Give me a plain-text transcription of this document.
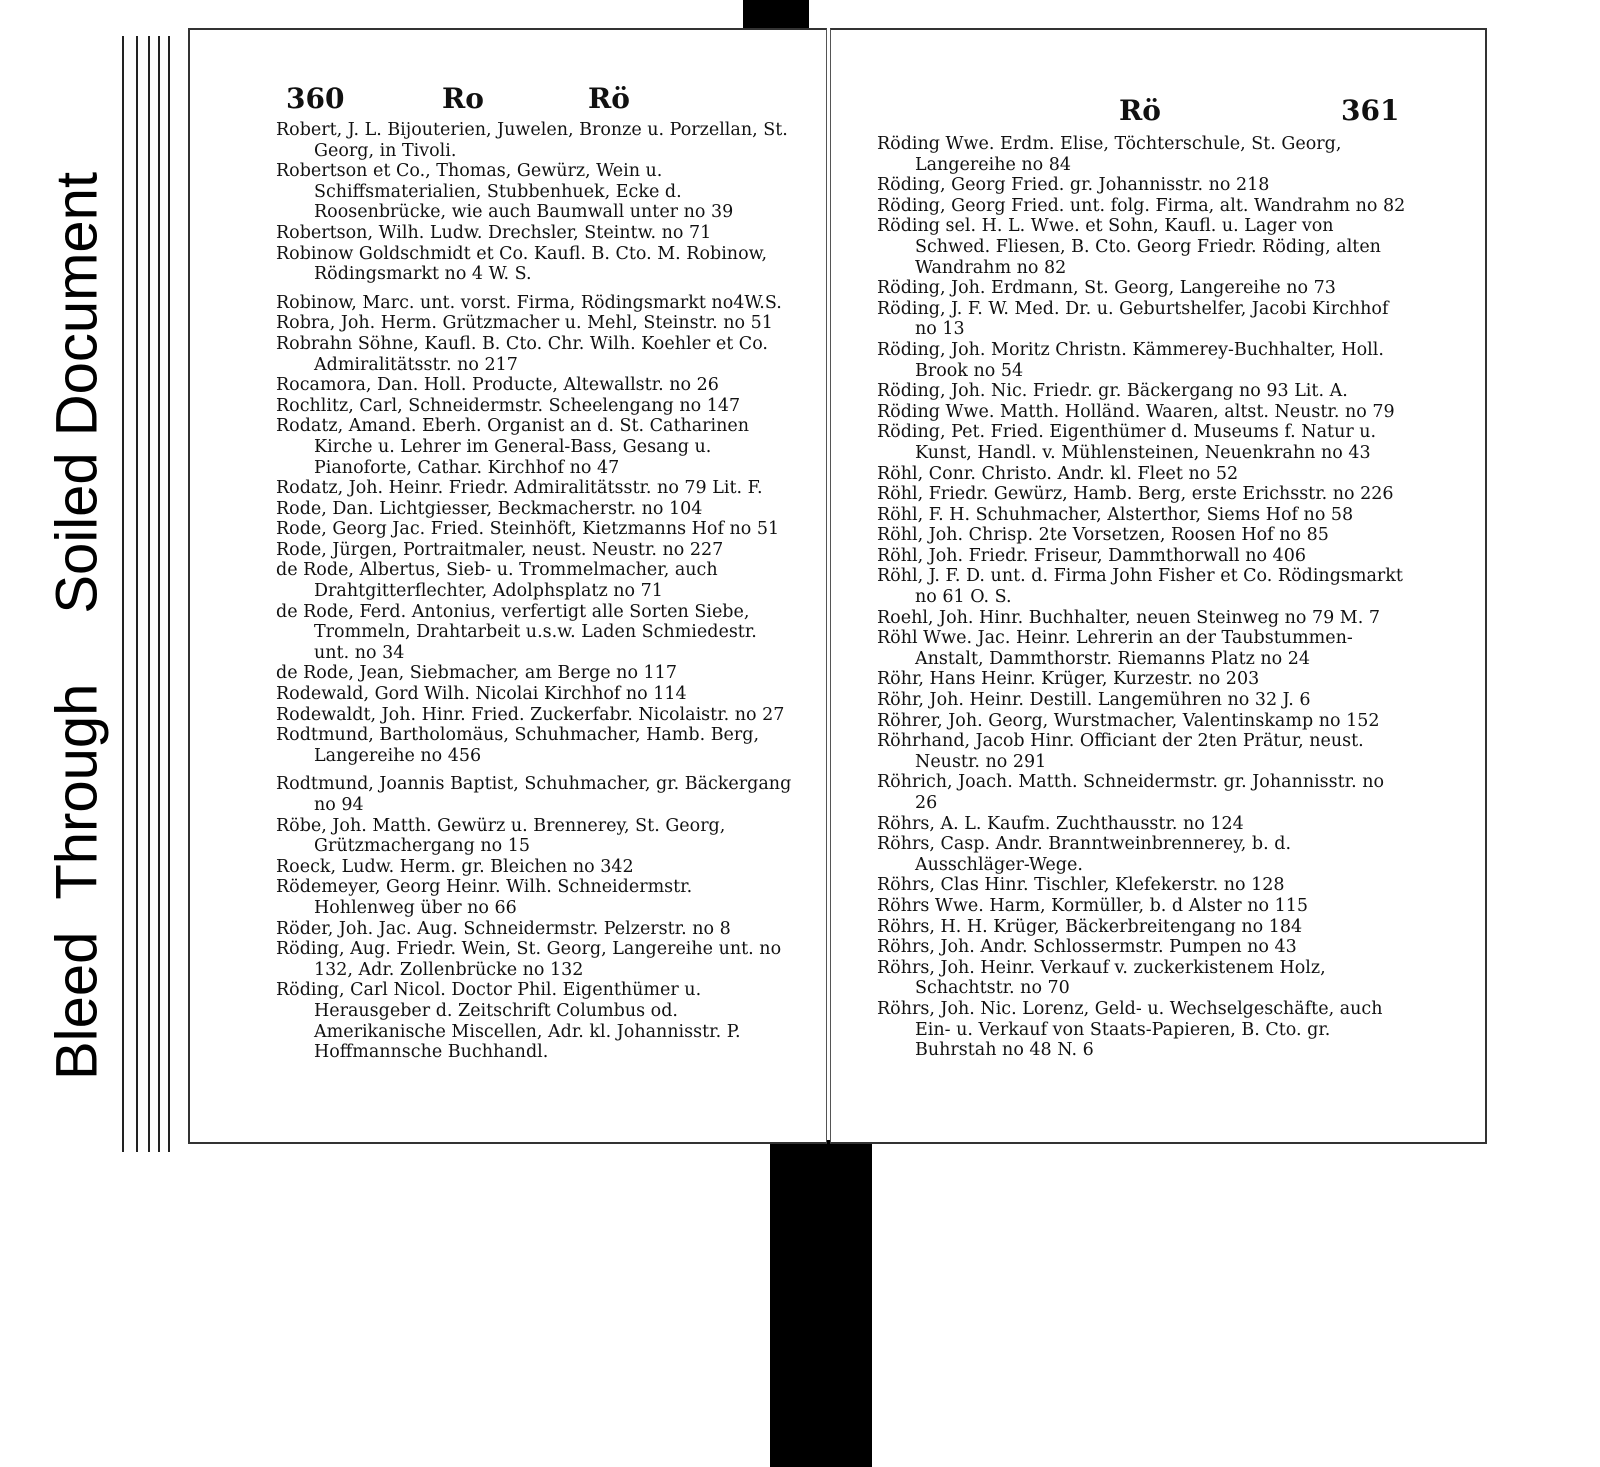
BleedThroughSoiled Document
360	Ro	Rö
Robert, J. L. Bijouterien, Juwelen, Bronze u. Porzellan, St. Georg, in Tivoli.
Robertson et Co., Thomas, Gewürz, Wein u. Schiffsmaterialien, Stubbenhuek, Ecke d. Roosenbrücke, wie auch Baumwall unter no 39
Robertson, Wilh. Ludw. Drechsler, Steintw. no 71
Robinow Goldschmidt et Co. Kaufl. B. Cto. M. Robinow, Rödingsmarkt no 4 W. S.
Robinow, Marc. unt. vorst. Firma, Rödingsmarkt no4W.S.
Robra, Joh. Herm. Grützmacher u. Mehl, Steinstr. no 51
Robrahn Söhne, Kaufl. B. Cto. Chr. Wilh. Koehler et Co. Admiralitätsstr. no 217
Rocamora, Dan. Holl. Producte, Altewallstr. no 26
Rochlitz, Carl, Schneidermstr. Scheelengang no 147
Rodatz, Amand. Eberh. Organist an d. St. Catharinen Kirche u. Lehrer im General-Bass, Gesang u. Pianoforte, Cathar. Kirchhof no 47
Rodatz, Joh. Heinr. Friedr. Admiralitätsstr. no 79 Lit. F.
Rode, Dan. Lichtgiesser, Beckmacherstr. no 104
Rode, Georg Jac. Fried. Steinhöft, Kietzmanns Hof no 51
Rode, Jürgen, Portraitmaler, neust. Neustr. no 227
de Rode, Albertus, Sieb- u. Trommelmacher, auch Drahtgitterflechter, Adolphsplatz no 71
de Rode, Ferd. Antonius, verfertigt alle Sorten Siebe, Trommeln, Drahtarbeit u.s.w. Laden Schmiedestr. unt. no 34
de Rode, Jean, Siebmacher, am Berge no 117
Rodewald, Gord Wilh. Nicolai Kirchhof no 114
Rodewaldt, Joh. Hinr. Fried. Zuckerfabr. Nicolaistr. no 27
Rodtmund, Bartholomäus, Schuhmacher, Hamb. Berg, Langereihe no 456
Rodtmund, Joannis Baptist, Schuhmacher, gr. Bäckergang no 94
Röbe, Joh. Matth. Gewürz u. Brennerey, St. Georg, Grützmachergang no 15
Roeck, Ludw. Herm. gr. Bleichen no 342
Rödemeyer, Georg Heinr. Wilh. Schneidermstr. Hohlenweg über no 66
Röder, Joh. Jac. Aug. Schneidermstr. Pelzerstr. no 8
Röding, Aug. Friedr. Wein, St. Georg, Langereihe unt. no 132, Adr. Zollenbrücke no 132
Röding, Carl Nicol. Doctor Phil. Eigenthümer u. Herausgeber d. Zeitschrift Columbus od. Amerikanische Miscellen, Adr. kl. Johannisstr. P. Hoffmannsche Buchhandl.
Rö	361
Röding Wwe. Erdm. Elise, Töchterschule, St. Georg, Langereihe no 84
Röding, Georg Fried. gr. Johannisstr. no 218
Röding, Georg Fried. unt. folg. Firma, alt. Wandrahm no 82
Röding sel. H. L. Wwe. et Sohn, Kaufl. u. Lager von Schwed. Fliesen, B. Cto. Georg Friedr. Röding, alten Wandrahm no 82
Röding, Joh. Erdmann, St. Georg, Langereihe no 73
Röding, J. F. W. Med. Dr. u. Geburtshelfer, Jacobi Kirchhof no 13
Röding, Joh. Moritz Christn. Kämmerey-Buchhalter, Holl. Brook no 54
Röding, Joh. Nic. Friedr. gr. Bäckergang no 93 Lit. A.
Röding Wwe. Matth. Holländ. Waaren, altst. Neustr. no 79
Röding, Pet. Fried. Eigenthümer d. Museums f. Natur u. Kunst, Handl. v. Mühlensteinen, Neuenkrahn no 43
Röhl, Conr. Christo. Andr. kl. Fleet no 52
Röhl, Friedr. Gewürz, Hamb. Berg, erste Erichsstr. no 226
Röhl, F. H. Schuhmacher, Alsterthor, Siems Hof no 58
Röhl, Joh. Chrisp. 2te Vorsetzen, Roosen Hof no 85
Röhl, Joh. Friedr. Friseur, Dammthorwall no 406
Röhl, J. F. D. unt. d. Firma John Fisher et Co. Rödingsmarkt no 61 O. S.
Roehl, Joh. Hinr. Buchhalter, neuen Steinweg no 79 M. 7
Röhl Wwe. Jac. Heinr. Lehrerin an der Taubstummen-Anstalt, Dammthorstr. Riemanns Platz no 24
Röhr, Hans Heinr. Krüger, Kurzestr. no 203
Röhr, Joh. Heinr. Destill. Langemühren no 32 J. 6
Röhrer, Joh. Georg, Wurstmacher, Valentinskamp no 152
Röhrhand, Jacob Hinr. Officiant der 2ten Prätur, neust. Neustr. no 291
Röhrich, Joach. Matth. Schneidermstr. gr. Johannisstr. no 26
Röhrs, A. L. Kaufm. Zuchthausstr. no 124
Röhrs, Casp. Andr. Branntweinbrennerey, b. d. Ausschläger-Wege.
Röhrs, Clas Hinr. Tischler, Klefekerstr. no 128
Röhrs Wwe. Harm, Kormüller, b. d Alster no 115
Röhrs, H. H. Krüger, Bäckerbreitengang no 184
Röhrs, Joh. Andr. Schlossermstr. Pumpen no 43
Röhrs, Joh. Heinr. Verkauf v. zuckerkistenem Holz, Schachtstr. no 70
Röhrs, Joh. Nic. Lorenz, Geld- u. Wechselgeschäfte, auch Ein- u. Verkauf von Staats-Papieren, B. Cto. gr. Buhrstah no 48 N. 6
